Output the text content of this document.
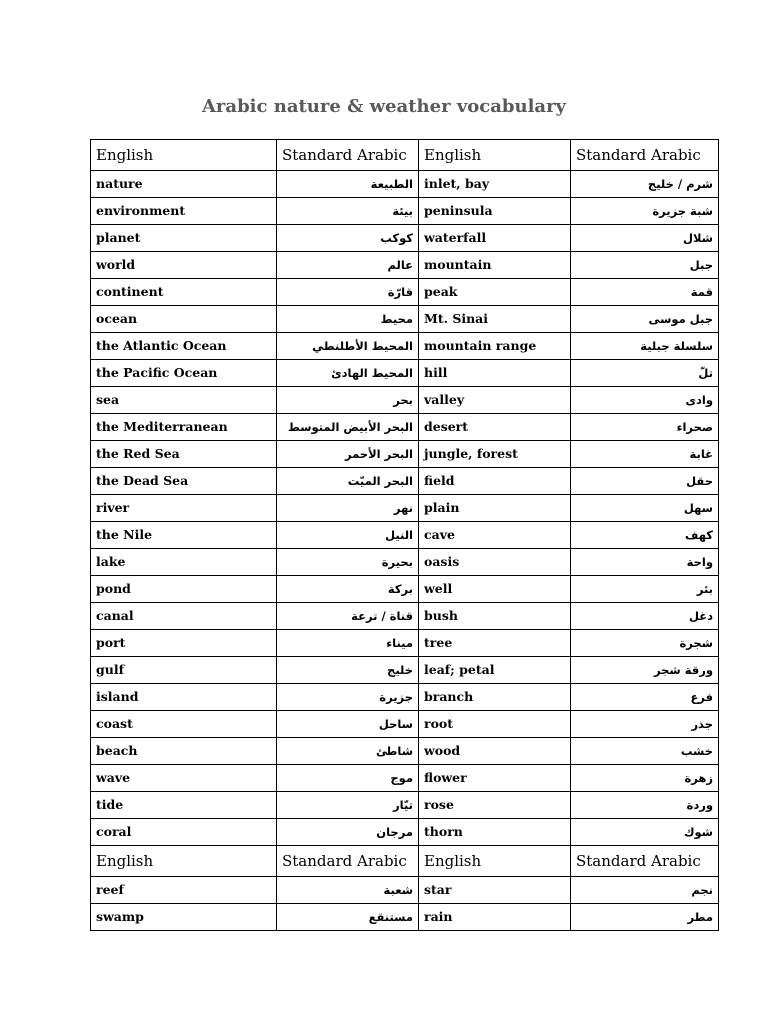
Arabic nature & weather vocabulary
English	Standard Arabic	English	Standard Arabic
nature	الطبيعة	inlet, bay	شرم / خليج
environment	بيئة	peninsula	شبة جزيرة
planet	كوكب	waterfall	شلال
world	عالم	mountain	جبل
continent	قارّة	peak	قمة
ocean	محيط	Mt. Sinai	جبل موسى
the Atlantic Ocean	المحيط الأطلنطي	mountain range	سلسلة جبلية
the Pacific Ocean	المحيط الهادئ	hill	تلّ
sea	بحر	valley	وادى
the Mediterranean	البحر الأبيض المتوسط	desert	صحراء
the Red Sea	البحر الأحمر	jungle, forest	غابة
the Dead Sea	البحر الميّت	field	حقل
river	نهر	plain	سهل
the Nile	النيل	cave	كهف
lake	بحيرة	oasis	واحة
pond	بركة	well	بئر
canal	قناة / ترعة	bush	دغل
port	ميناء	tree	شجرة
gulf	خليج	leaf; petal	ورقة شجر
island	جزيرة	branch	فرع
coast	ساحل	root	جذر
beach	شاطئ	wood	خشب
wave	موج	flower	زهرة
tide	تيّار	rose	وردة
coral	مرجان	thorn	شوك
English	Standard Arabic	English	Standard Arabic
reef	شعبة	star	نجم
swamp	مستنقع	rain	مطر
